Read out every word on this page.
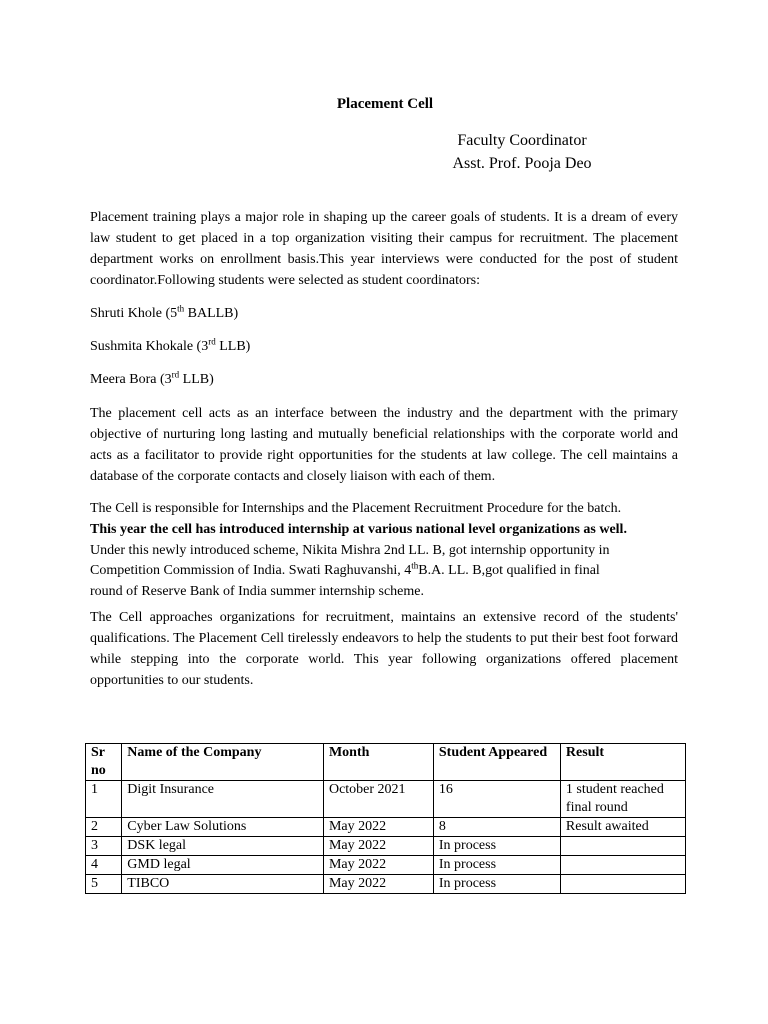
Placement Cell
Faculty Coordinator
Asst. Prof. Pooja Deo

Placement training plays a major role in shaping up the career goals of students. It is a dream of every law student to get placed in a top organization visiting their campus for recruitment. The placement department works on enrollment basis.This year interviews were conducted for the post of student coordinator.Following students were selected as student coordinators:

Shruti Khole (5th BALLB)
Sushmita Khokale (3rd LLB)
Meera Bora (3rd LLB)

The placement cell acts as an interface between the industry and the department with the primary objective of nurturing long lasting and mutually beneficial relationships with the corporate world and acts as a facilitator to provide right opportunities for the students at law college. The cell maintains a database of the corporate contacts and closely liaison with each of them.

The Cell is responsible for Internships and the Placement Recruitment Procedure for the batch.
This year the cell has introduced internship at various national level organizations as well.
Under this newly introduced scheme, Nikita Mishra 2nd LL. B, got internship opportunity in
Competition Commission of India. Swati Raghuvanshi, 4thB.A. LL. B,got qualified in final
round of Reserve Bank of India summer internship scheme.

The Cell approaches organizations for recruitment, maintains an extensive record of the students' qualifications. The Placement Cell tirelessly endeavors to help the students to put their best foot forward while stepping into the corporate world. This year following organizations offered placement opportunities to our students.

Sr no	Name of the Company	Month	Student Appeared	Result
1	Digit Insurance	October 2021	16	1 student reached final round
2	Cyber Law Solutions	May 2022	8	Result awaited
3	DSK legal	May 2022	In process	
4	GMD legal	May 2022	In process	
5	TIBCO	May 2022	In process	
